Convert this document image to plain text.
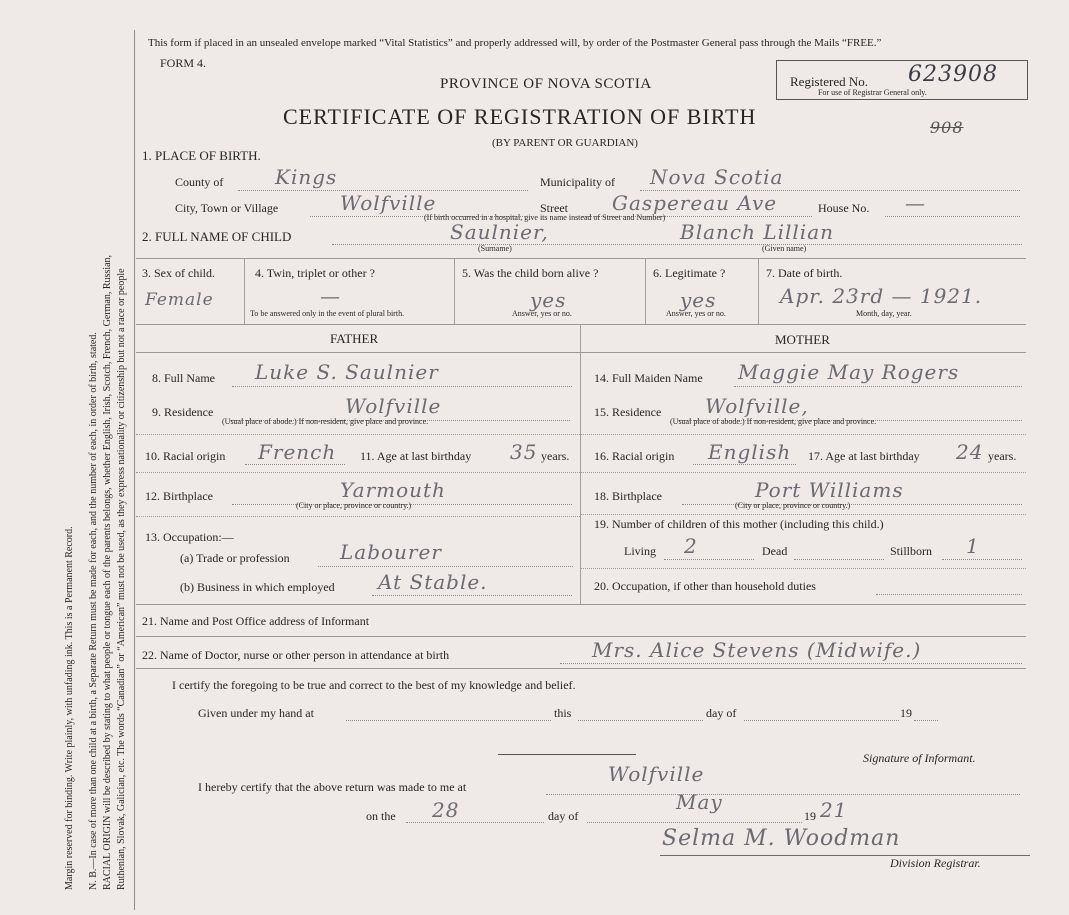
Margin reserved for binding. Write plainly, with unfading ink. This is a Permanent Record. N. B.—In case of more than one child at a birth, a Separate Return must be made for each, and the number of each, in order of birth, stated. RACIAL ORIGIN will be described by stating to what people or tongue each of the parents belongs, whether English, Irish, Scotch, French, German, Russian, Ruthenian, Slovak, Galician, etc. The words “Canadian” or “American” must not be used, as they express nationality or citizenship but not a race or people
This form if placed in an unsealed envelope marked “Vital Statistics” and properly addressed will, by order of the Postmaster General pass through the Mails “FREE.”
FORM 4.
PROVINCE OF NOVA SCOTIA
CERTIFICATE OF REGISTRATION OF BIRTH
(BY PARENT OR GUARDIAN)
Registered No. 623908
For use of Registrar General only.
908
1. PLACE OF BIRTH.
County of	Kings	Municipality of Nova Scotia
City, Town or Village	Wolfville	Street Gaspereau Ave	House No. —
(If birth occurred in a hospital, give its name instead of Street and Number)
2. FULL NAME OF CHILD	Saulnier,
(Surname)
Blanch Lillian
(Given name)
3. Sex of child.
Female
4. Twin, triplet or other ?
—
To be answered only in the event of plural birth.
5. Was the child born alive ?
yes
Answer, yes or no.
6. Legitimate ?
yes
Answer, yes or no.
7. Date of birth.
Apr. 23rd — 1921.
Month, day, year.
FATHER	MOTHER
8. Full Name Luke S. Saulnier
9. Residence	Wolfville
(Usual place of abode.) If non-resident, give place and province.
10. Racial origin French 11. Age at last birthday 35 years.
12. Birthplace	Yarmouth
(City or place, province or country.)
13. Occupation:—
(a) Trade or profession	Labourer
(b) Business in which employed At Stable.
14. Full Maiden Name Maggie May Rogers
15. Residence Wolfville,
(Usual place of abode.) If non-resident, give place and province.
16. Racial origin English 17. Age at last birthday 24 years.
18. Birthplace	Port Williams
(City or place, province or country.)
19. Number of children of this mother (including this child.)
Living 2	Dead	Stillborn 1
20. Occupation, if other than household duties
21. Name and Post Office address of Informant
22. Name of Doctor, nurse or other person in attendance at birth	Mrs. Alice Stevens (Midwife.)
I certify the foregoing to be true and correct to the best of my knowledge and belief.
Given under my hand at	this	day of	19
Signature of Informant.
I hereby certify that the above return was made to me at
Wolfville
on the 28	day of
May
19 21
Selma M. Woodman
Division Registrar.
